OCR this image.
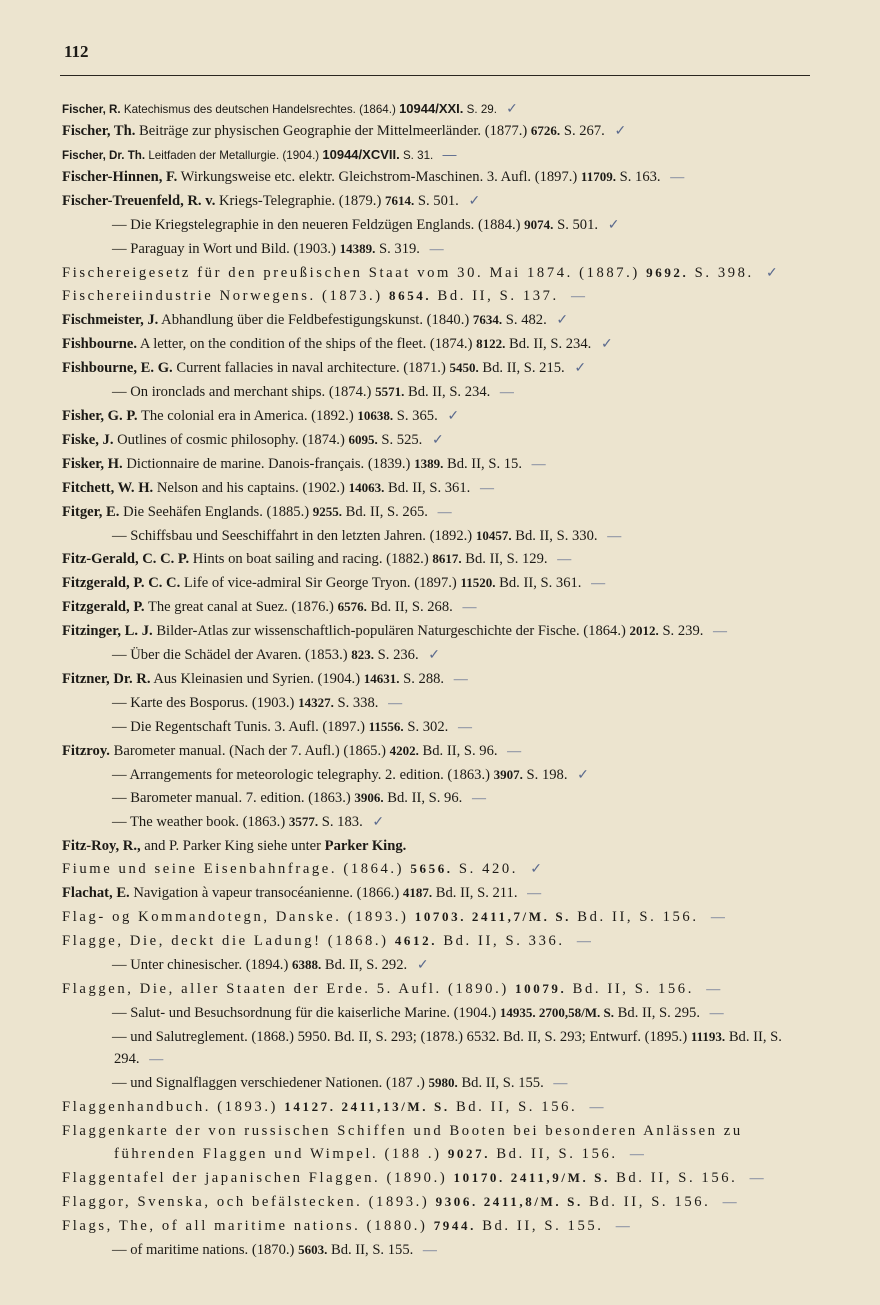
112

Fischer, R. Katechismus des deutschen Handelsrechtes. (1864.) 10944/XXI. S. 29. ✓

Fischer, Th. Beiträge zur physischen Geographie der Mittelmeerländer. (1877.) 6726. S. 267. ✓

Fischer, Dr. Th. Leitfaden der Metallurgie. (1904.) 10944/XCVII. S. 31. —

Fischer-Hinnen, F. Wirkungsweise etc. elektr. Gleichstrom-Maschinen. 3. Aufl. (1897.) 11709. S. 163. —

Fischer-Treuenfeld, R. v. Kriegs-Telegraphie. (1879.) 7614. S. 501. ✓

— Die Kriegstelegraphie in den neueren Feldzügen Englands. (1884.) 9074. S. 501. ✓

— Paraguay in Wort und Bild. (1903.) 14389. S. 319. —

Fischereigesetz für den preußischen Staat vom 30. Mai 1874. (1887.) 9692. S. 398. ✓

Fischereiindustrie Norwegens. (1873.) 8654. Bd. II, S. 137. —

Fischmeister, J. Abhandlung über die Feldbefestigungskunst. (1840.) 7634. S. 482. ✓

Fishbourne. A letter, on the condition of the ships of the fleet. (1874.) 8122. Bd. II, S. 234. ✓

Fishbourne, E. G. Current fallacies in naval architecture. (1871.) 5450. Bd. II, S. 215. ✓

— On ironclads and merchant ships. (1874.) 5571. Bd. II, S. 234. —

Fisher, G. P. The colonial era in America. (1892.) 10638. S. 365. ✓

Fiske, J. Outlines of cosmic philosophy. (1874.) 6095. S. 525. ✓

Fisker, H. Dictionnaire de marine. Danois-français. (1839.) 1389. Bd. II, S. 15. —

Fitchett, W. H. Nelson and his captains. (1902.) 14063. Bd. II, S. 361. —

Fitger, E. Die Seehäfen Englands. (1885.) 9255. Bd. II, S. 265. —

— Schiffsbau und Seeschiffahrt in den letzten Jahren. (1892.) 10457. Bd. II, S. 330. —

Fitz-Gerald, C. C. P. Hints on boat sailing and racing. (1882.) 8617. Bd. II, S. 129. —

Fitzgerald, P. C. C. Life of vice-admiral Sir George Tryon. (1897.) 11520. Bd. II, S. 361. —

Fitzgerald, P. The great canal at Suez. (1876.) 6576. Bd. II, S. 268. —

Fitzinger, L. J. Bilder-Atlas zur wissenschaftlich-populären Naturgeschichte der Fische. (1864.) 2012. S. 239. —

— Über die Schädel der Avaren. (1853.) 823. S. 236. ✓

Fitzner, Dr. R. Aus Kleinasien und Syrien. (1904.) 14631. S. 288. —

— Karte des Bosporus. (1903.) 14327. S. 338. —

— Die Regentschaft Tunis. 3. Aufl. (1897.) 11556. S. 302. —

Fitzroy. Barometer manual. (Nach der 7. Aufl.) (1865.) 4202. Bd. II, S. 96. —

— Arrangements for meteorologic telegraphy. 2. edition. (1863.) 3907. S. 198. ✓

— Barometer manual. 7. edition. (1863.) 3906. Bd. II, S. 96. —

— The weather book. (1863.) 3577. S. 183. ✓

Fitz-Roy, R., and P. Parker King siehe unter Parker King.

Fiume und seine Eisenbahnfrage. (1864.) 5656. S. 420. ✓

Flachat, E. Navigation à vapeur transocéanienne. (1866.) 4187. Bd. II, S. 211. —

Flag- og Kommandotegn, Danske. (1893.) 10703. 2411,7/M. S. Bd. II, S. 156. —

Flagge, Die, deckt die Ladung! (1868.) 4612. Bd. II, S. 336. —

— Unter chinesischer. (1894.) 6388. Bd. II, S. 292. ✓

Flaggen, Die, aller Staaten der Erde. 5. Aufl. (1890.) 10079. Bd. II, S. 156. —

— Salut- und Besuchsordnung für die kaiserliche Marine. (1904.) 14935. 2700,58/M. S. Bd. II, S. 295. —

— und Salutreglement. (1868.) 5950. Bd. II, S. 293; (1878.) 6532. Bd. II, S. 293; Entwurf. (1895.) 11193. Bd. II, S. 294. —

— und Signalflaggen verschiedener Nationen. (187 .) 5980. Bd. II, S. 155. —

Flaggenhandbuch. (1893.) 14127. 2411,13/M. S. Bd. II, S. 156. —

Flaggenkarte der von russischen Schiffen und Booten bei besonderen Anlässen zu führenden Flaggen und Wimpel. (188 .) 9027. Bd. II, S. 156. —

Flaggentafel der japanischen Flaggen. (1890.) 10170. 2411,9/M. S. Bd. II, S. 156. —

Flaggor, Svenska, och befälstecken. (1893.) 9306. 2411,8/M. S. Bd. II, S. 156. —

Flags, The, of all maritime nations. (1880.) 7944. Bd. II, S. 155. —

— of maritime nations. (1870.) 5603. Bd. II, S. 155. —
